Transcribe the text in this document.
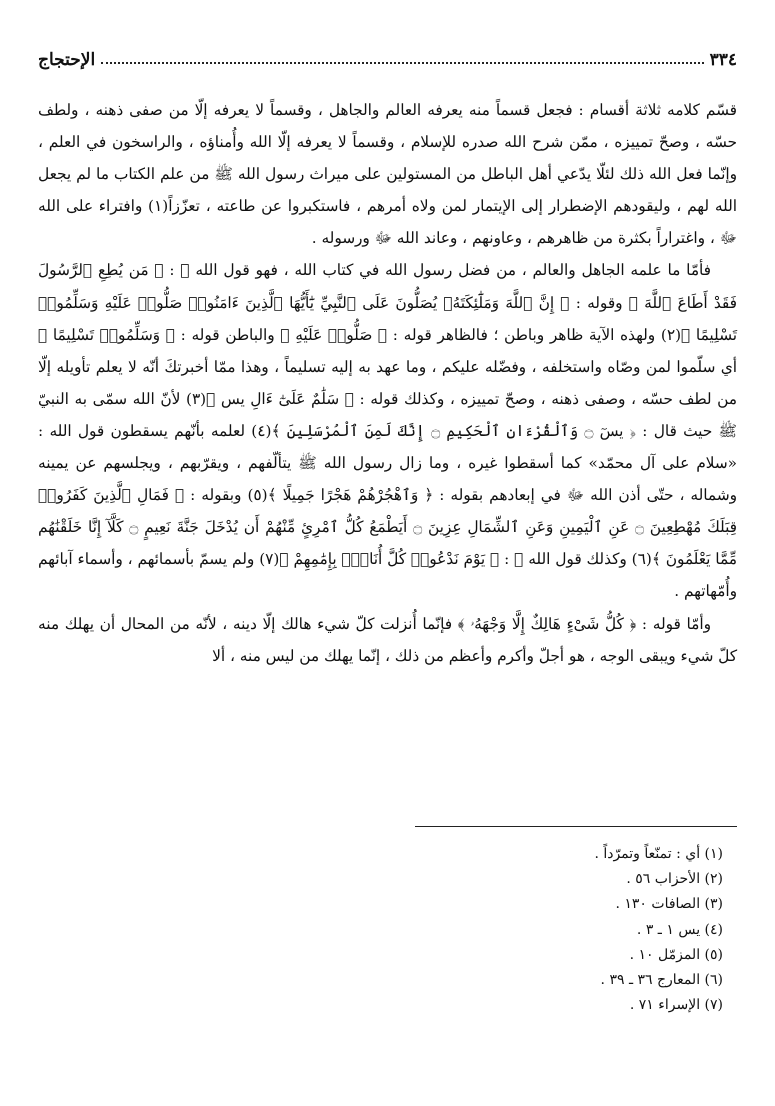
٣٣٤
الإحتجاج

قسّم كلامه ثلاثة أقسام : فجعل قسماً منه يعرفه العالم والجاهل ، وقسماً لا يعرفه إلّا من صفى ذهنه ، ولطف حسّه ، وصحّ تمييزه ، ممّن شرح الله صدره للإسلام ، وقسماً لا يعرفه إلّا الله وأُمناؤه ، والراسخون في العلم ، وإنّما فعل الله ذلك لئلّا يدّعي أهل الباطل من المستولين على ميراث رسول الله ﷺ من علم الكتاب ما لم يجعل الله لهم ، وليقودهم الإضطرار إلى الإيتمار لمن ولاه أمرهم ، فاستكبروا عن طاعته ، تعزّزاً(١) وافتراء على الله ﷻ ، واغتراراً بكثرة من ظاهرهم ، وعاونهم ، وعاند الله ﷻ ورسوله .

فأمّا ما علمه الجاهل والعالم ، من فضل رسول الله في كتاب الله ، فهو قول الله ﷻ : ﴿ مَن يُطِعِ ٱلرَّسُولَ فَقَدْ أَطَاعَ ٱللَّهَ ﴾ وقوله : ﴿ إِنَّ ٱللَّهَ وَمَلَٰٓئِكَتَهُۥ يُصَلُّونَ عَلَى ٱلنَّبِيِّ يَٰٓأَيُّهَا ٱلَّذِينَ ءَامَنُوا۟ صَلُّوا۟ عَلَيْهِ وَسَلِّمُوا۟ تَسْلِيمًا ﴾(٢) ولهذه الآية ظاهر وباطن ؛ فالظاهر قوله : ﴿ صَلُّوا۟ عَلَيْهِ ﴾ والباطن قوله : ﴿ وَسَلِّمُوا۟ تَسْلِيمًا ﴾ أي سلّموا لمن وصّاه واستخلفه ، وفضّله عليكم ، وما عهد به إليه تسليماً ، وهذا ممّا أخبرتكَ أنّه لا يعلم تأويله إلّا من لطف حسّه ، وصفى ذهنه ، وصحّ تمييزه ، وكذلك قوله : ﴿ سَلَٰمٌ عَلَىٰٓ ءَالِ يس ﴾(٣) لأنّ الله سمّى به النبيّ ﷺ حيث قال : ﴿ يسٓ ۝ وَٱلْقُرْءَانِ ٱلْحَكِيمِ ۝ إِنَّكَ لَمِنَ ٱلْمُرْسَلِينَ ﴾(٤) لعلمه بأنّهم يسقطون قول الله : «سلام على آل محمّد» كما أسقطوا غيره ، وما زال رسول الله ﷺ يتألّفهم ، ويقرّبهم ، ويجلسهم عن يمينه وشماله ، حتّى أذن الله ﷻ في إبعادهم بقوله : ﴿ وَٱهْجُرْهُمْ هَجْرًا جَمِيلًا ﴾(٥) وبقوله : ﴿ فَمَالِ ٱلَّذِينَ كَفَرُوا۟ قِبَلَكَ مُهْطِعِينَ ۝ عَنِ ٱلْيَمِينِ وَعَنِ ٱلشِّمَالِ عِزِينَ ۝ أَيَطْمَعُ كُلُّ ٱمْرِئٍ مِّنْهُمْ أَن يُدْخَلَ جَنَّةَ نَعِيمٍ ۝ كَلَّآ إِنَّا خَلَقْنَٰهُم مِّمَّا يَعْلَمُونَ ﴾(٦) وكذلك قول الله ﷻ : ﴿ يَوْمَ نَدْعُوا۟ كُلَّ أُنَاسٍۭ بِإِمَٰمِهِمْ ﴾(٧) ولم يسمّ بأسمائهم ، وأسماء آبائهم وأُمّهاتهم .

وأمّا قوله : ﴿ كُلُّ شَىْءٍ هَالِكٌ إِلَّا وَجْهَهُۥ ﴾ فإنّما أُنزلت كلّ شيء هالك إلّا دينه ، لأنّه من المحال أن يهلك منه كلّ شيء ويبقى الوجه ، هو أجلّ وأكرم وأعظم من ذلك ، إنّما يهلك من ليس منه ، ألا

(١) أي : تمنّعاً وتمرّداً .
(٢) الأحزاب ٥٦ .
(٣) الصافات ١٣٠ .
(٤) يس ١ ـ ٣ .
(٥) المزمّل ١٠ .
(٦) المعارج ٣٦ ـ ٣٩ .
(٧) الإسراء ٧١ .
